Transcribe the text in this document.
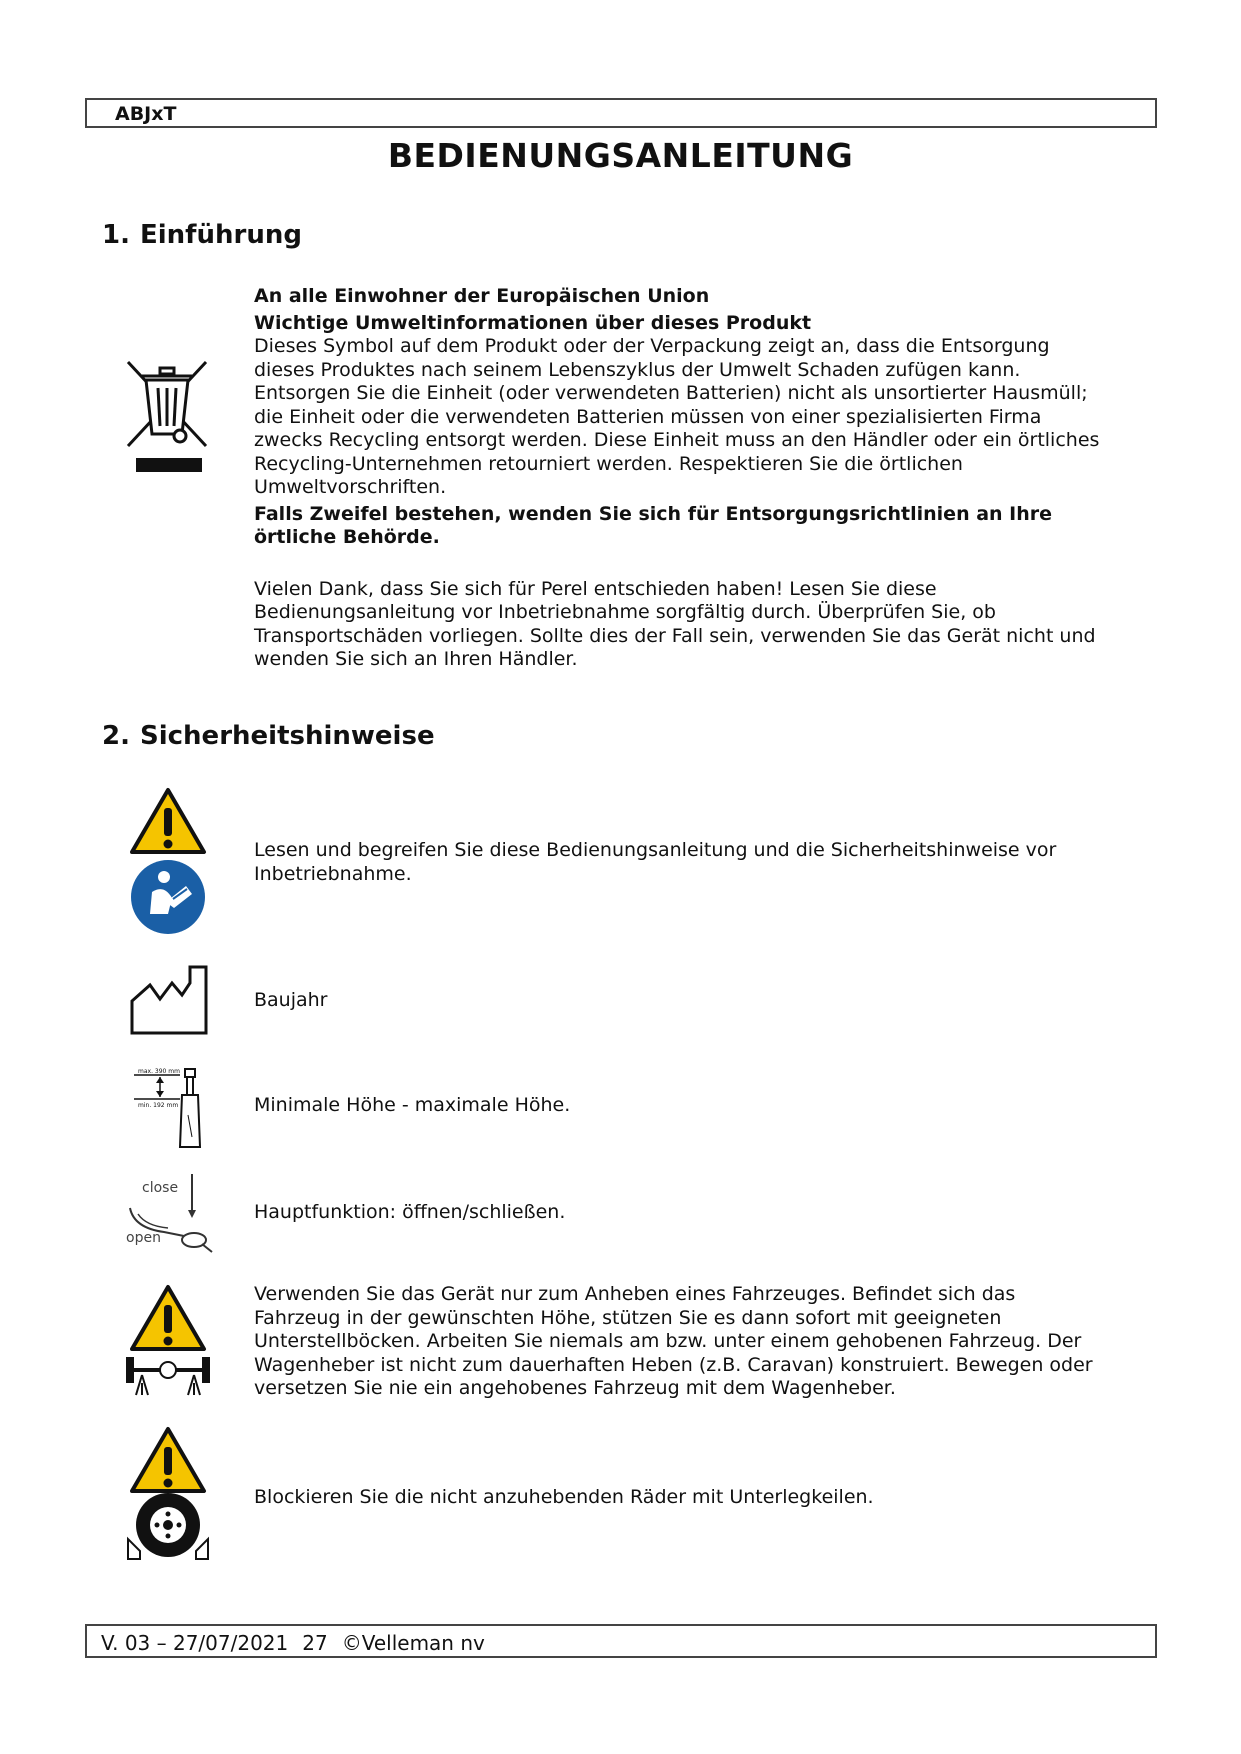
ABJxT
BEDIENUNGSANLEITUNG
1. Einführung
An alle Einwohner der Europäischen Union
Wichtige Umweltinformationen über dieses Produkt
Dieses Symbol auf dem Produkt oder der Verpackung zeigt an, dass die Entsorgung
dieses Produktes nach seinem Lebenszyklus der Umwelt Schaden zufügen kann.
Entsorgen Sie die Einheit (oder verwendeten Batterien) nicht als unsortierter Hausmüll;
die Einheit oder die verwendeten Batterien müssen von einer spezialisierten Firma
zwecks Recycling entsorgt werden. Diese Einheit muss an den Händler oder ein örtliches
Recycling-Unternehmen retourniert werden. Respektieren Sie die örtlichen
Umweltvorschriften.
Falls Zweifel bestehen, wenden Sie sich für Entsorgungsrichtlinien an Ihre
örtliche Behörde.
Vielen Dank, dass Sie sich für Perel entschieden haben! Lesen Sie diese
Bedienungsanleitung vor Inbetriebnahme sorgfältig durch. Überprüfen Sie, ob
Transportschäden vorliegen. Sollte dies der Fall sein, verwenden Sie das Gerät nicht und
wenden Sie sich an Ihren Händler.
2. Sicherheitshinweise
Lesen und begreifen Sie diese Bedienungsanleitung und die Sicherheitshinweise vor
Inbetriebnahme.
Baujahr
max. 390 mm
min. 192 mm	Minimale Höhe - maximale Höhe.
close
open
Hauptfunktion: öffnen/schließen.
Verwenden Sie das Gerät nur zum Anheben eines Fahrzeuges. Befindet sich das
Fahrzeug in der gewünschten Höhe, stützen Sie es dann sofort mit geeigneten
Unterstellböcken. Arbeiten Sie niemals am bzw. unter einem gehobenen Fahrzeug. Der
Wagenheber ist nicht zum dauerhaften Heben (z.B. Caravan) konstruiert. Bewegen oder
versetzen Sie nie ein angehobenes Fahrzeug mit dem Wagenheber.
Blockieren Sie die nicht anzuhebenden Räder mit Unterlegkeilen.
V. 03 – 27/07/2021 27 ©Velleman nv
